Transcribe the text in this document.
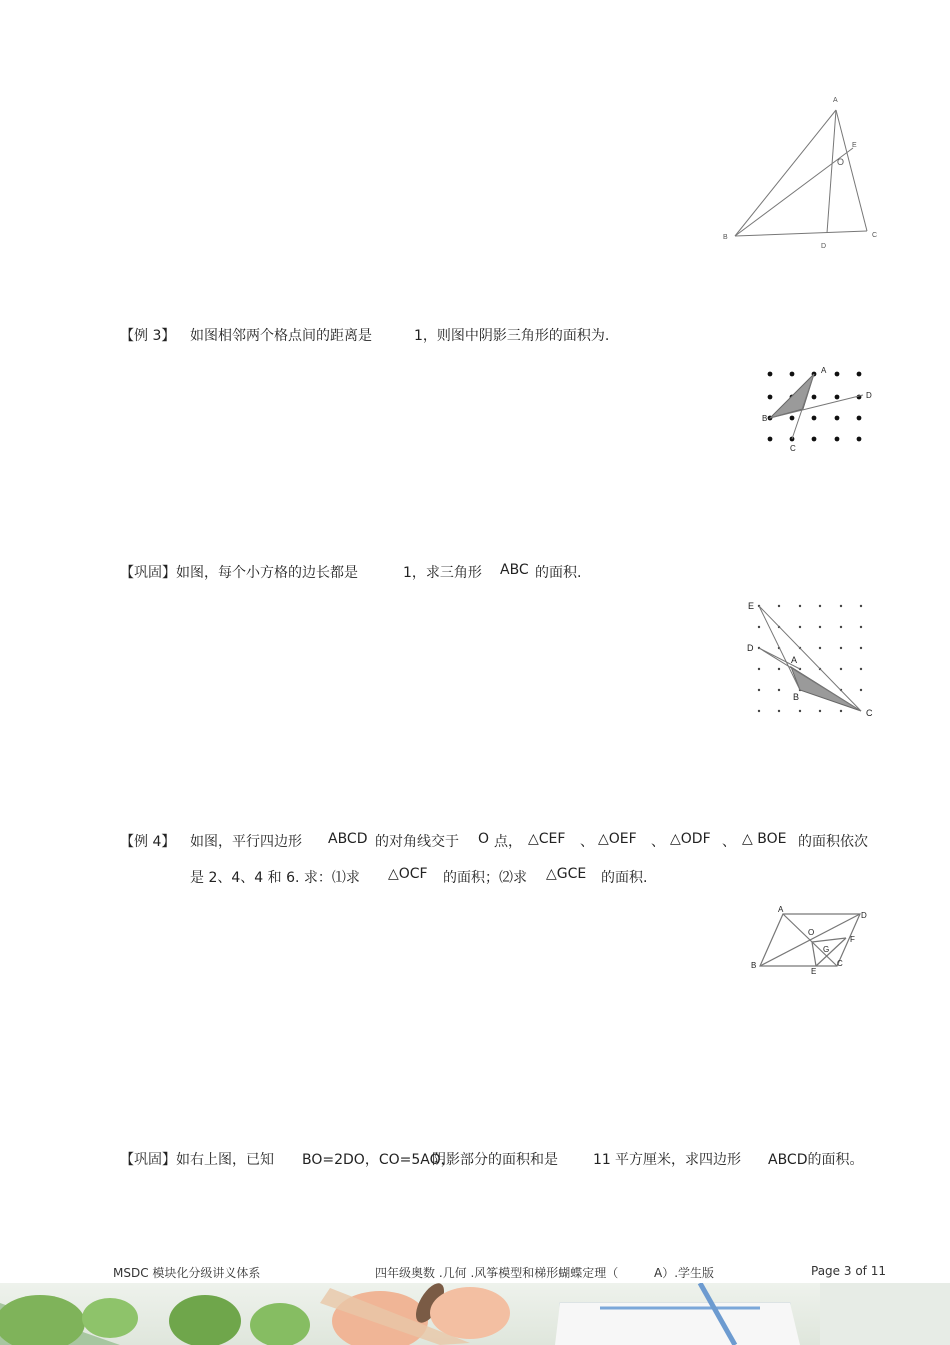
A
B	C
D
E
O
【例 3】 如图相邻两个格点间的距离是	1，则图中阴影三角形的面积为.
A
B
C
D
【巩固】如图，每个小方格的边长都是	1，求三角形 ABC 的面积.
E
D
A
B
C
【例 4】 如图，平行四边形 ABCD 的对角线交于 O 点， △CEF 、 △OEF 、 △ODF 、 △ BOE 的面积依次
是 2、4、4 和 6. 求：⑴求 △OCF 的面积；⑵求 △GCE 的面积.
A
D
B	C
E
F
G
O
【巩固】如右上图，已知 BO=2DO，CO=5AO，
阴影部分的面积和是	11 平方厘米，求四边形 ABCD的面积。
MSDC 模块化分级讲义体系	四年级奥数 .几何 .风筝模型和梯形蝴蝶定理（	A）.学生版	Page 3 of 11
